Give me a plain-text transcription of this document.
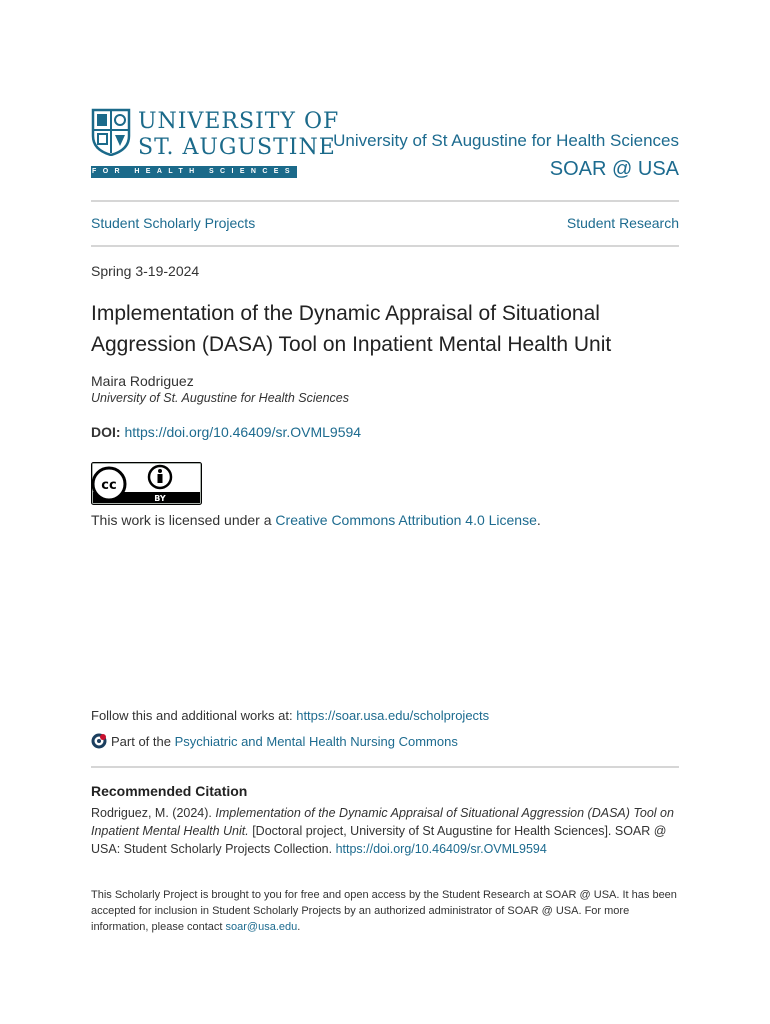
UNIVERSITY OF
ST. AUGUSTINE
FOR HEALTH SCIENCES
University of St Augustine for Health Sciences
SOAR @ USA
Student Scholarly Projects	Student Research
Spring 3-19-2024
Implementation of the Dynamic Appraisal of Situational Aggression (DASA) Tool on Inpatient Mental Health Unit
Maira Rodriguez
University of St. Augustine for Health Sciences
DOI: https://doi.org/10.46409/sr.OVML9594
cc
BY
This work is licensed under a Creative Commons Attribution 4.0 License.
Follow this and additional works at: https://soar.usa.edu/scholprojects
Part of the
Psychiatric and Mental Health Nursing Commons
Recommended Citation
Rodriguez, M. (2024). Implementation of the Dynamic Appraisal of Situational Aggression (DASA) Tool on Inpatient Mental Health Unit. [Doctoral project, University of St Augustine for Health Sciences]. SOAR @ USA: Student Scholarly Projects Collection. https://doi.org/10.46409/sr.OVML9594
This Scholarly Project is brought to you for free and open access by the Student Research at SOAR @ USA. It has been accepted for inclusion in Student Scholarly Projects by an authorized administrator of SOAR @ USA. For more information, please contact soar@usa.edu.
